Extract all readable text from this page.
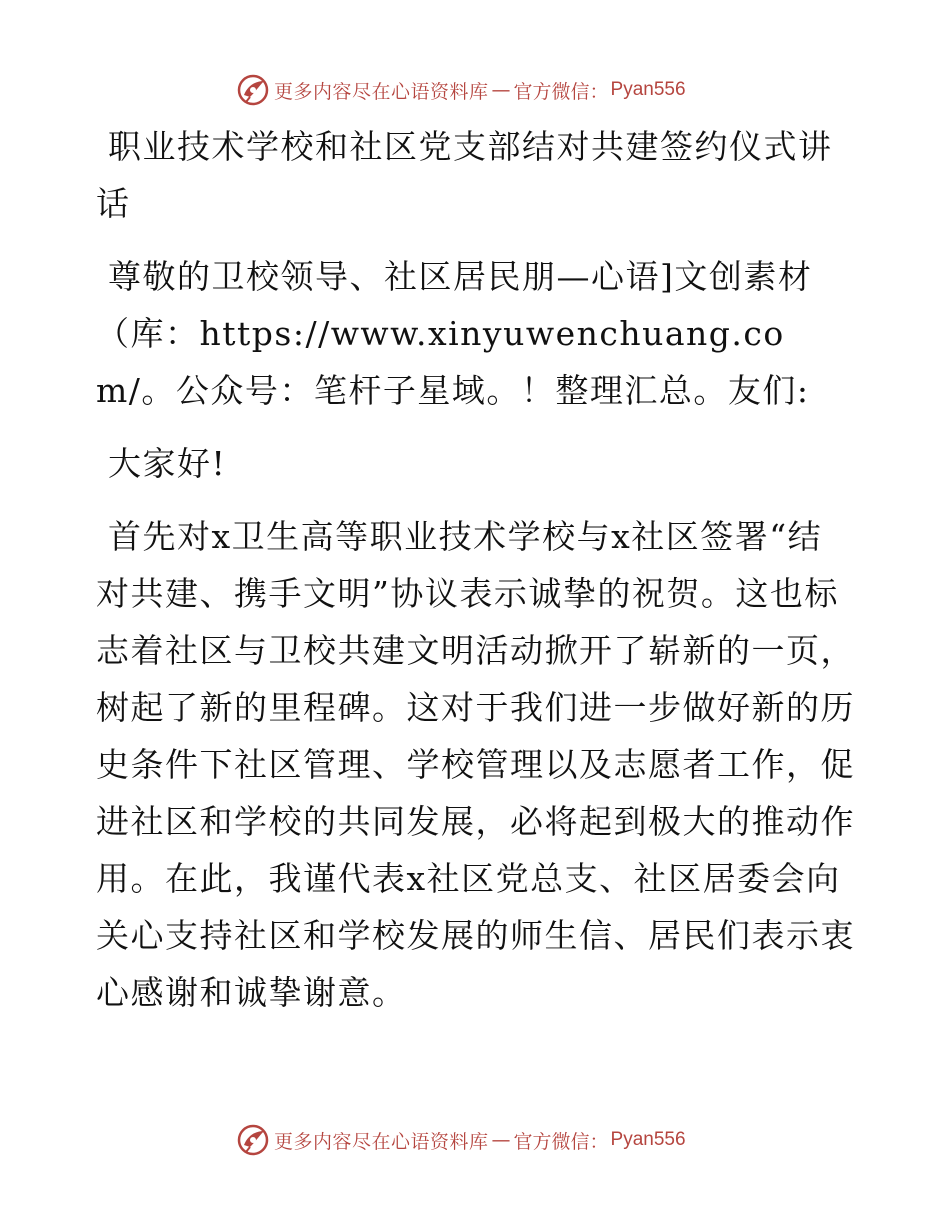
更多内容尽在心语资料库 — 官方微信： Pyan556

职业技术学校和社区党支部结对共建签约仪式讲话

尊敬的卫校领导、社区居民朋—心语]文创素材（库：https://www.xinyuwenchuang.com/。公众号：笔杆子星域。！整理汇总。友们:

大家好!

首先对x卫生高等职业技术学校与x社区签署“结对共建、携手文明”协议表示诚挚的祝贺。这也标志着社区与卫校共建文明活动掀开了崭新的一页，树起了新的里程碑。这对于我们进一步做好新的历史条件下社区管理、学校管理以及志愿者工作，促进社区和学校的共同发展，必将起到极大的推动作用。在此，我谨代表x社区党总支、社区居委会向关心支持社区和学校发展的师生信、居民们表示衷心感谢和诚挚谢意。

更多内容尽在心语资料库 — 官方微信： Pyan556
